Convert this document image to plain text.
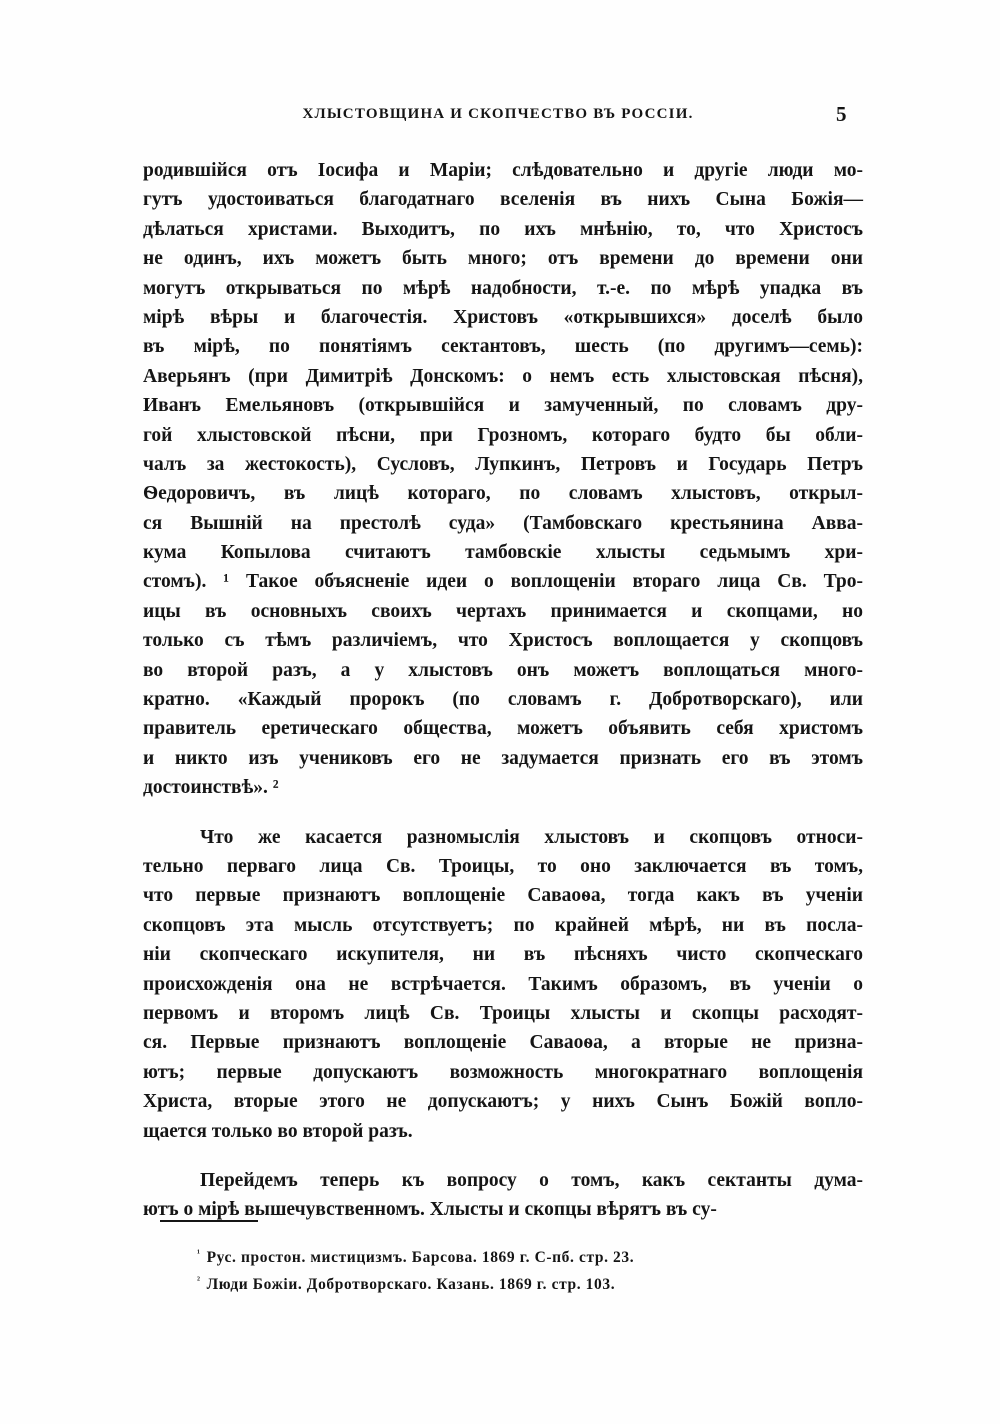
ХЛЫСТОВЩИНА И СКОПЧЕСТВО ВЪ РОССІИ.	5
родившійся отъ Іосифа и Маріи; слѣдовательно и другіе люди мо-
гутъ удостоиваться благодатнаго вселенія въ нихъ Сына Божія—
дѣлаться христами. Выходитъ, по ихъ мнѣнію, то, что Христосъ
не одинъ, ихъ можетъ быть много; отъ времени до времени они
могутъ открываться по мѣрѣ надобности, т.-е. по мѣрѣ упадка въ
мірѣ вѣры и благочестія. Христовъ «открывшихся» доселѣ было
въ мірѣ, по понятіямъ сектантовъ, шесть (по другимъ—семь):
Аверьянъ (при Димитріѣ Донскомъ: о немъ есть хлыстовская пѣсня),
Иванъ Емельяновъ (открывшійся и замученный, по словамъ дру-
гой хлыстовской пѣсни, при Грозномъ, котораго будто бы обли-
чалъ за жестокость), Сусловъ, Лупкинъ, Петровъ и Государь Петръ
Ѳедоровичъ, въ лицѣ котораго, по словамъ хлыстовъ, открыл-
ся Вышній на престолѣ суда» (Тамбовскаго крестьянина Авва-
кума Копылова считаютъ тамбовскіе хлысты седьмымъ хри-
стомъ). ¹ Такое объясненіе идеи о воплощеніи втораго лица Св. Тро-
ицы въ основныхъ своихъ чертахъ принимается и скопцами, но
только съ тѣмъ различіемъ, что Христосъ воплощается у скопцовъ
во второй разъ, а у хлыстовъ онъ можетъ воплощаться много-
кратно. «Каждый пророкъ (по словамъ г. Добротворскаго), или
правитель еретическаго общества, можетъ объявить себя христомъ
и никто изъ учениковъ его не задумается признать его въ этомъ
достоинствѣ». ²
Что же касается разномыслія хлыстовъ и скопцовъ относи-
тельно перваго лица Св. Троицы, то оно заключается въ томъ,
что первые признаютъ воплощеніе Саваоѳа, тогда какъ въ ученіи
скопцовъ эта мысль отсутствуетъ; по крайней мѣрѣ, ни въ посла-
ніи скопческаго искупителя, ни въ пѣсняхъ чисто скопческаго
происхожденія она не встрѣчается. Такимъ образомъ, въ ученіи о
первомъ и второмъ лицѣ Св. Троицы хлысты и скопцы расходят-
ся. Первые признаютъ воплощеніе Саваоѳа, а вторые не призна-
ютъ; первые допускаютъ возможность многократнаго воплощенія
Христа, вторые этого не допускаютъ; у нихъ Сынъ Божій вопло-
щается только во второй разъ.
Перейдемъ теперь къ вопросу о томъ, какъ сектанты дума-
ютъ о мірѣ вышечувственномъ. Хлысты и скопцы вѣрятъ въ су-
$^{^1}$ Рус. простон. мистицизмъ. Барсова. 1869 г. С-пб. стр. 23.
$^{^2}$ Люди Божіи. Добротворскаго. Казань. 1869 г. стр. 103.
